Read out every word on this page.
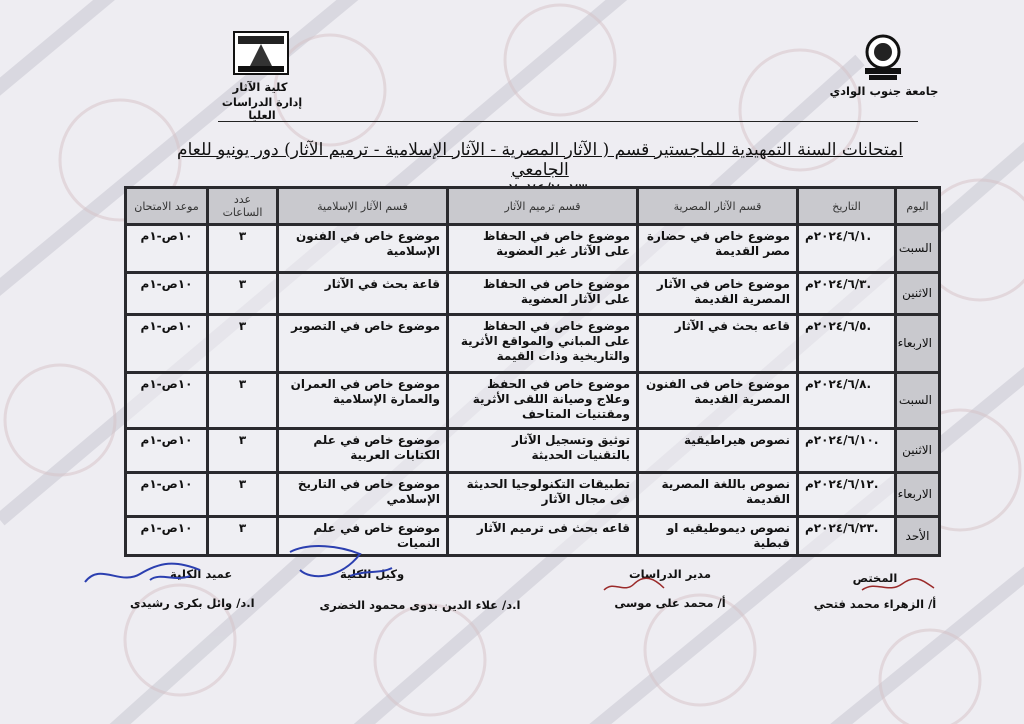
جامعة جنوب الوادي
كلية الآثار
إدارة الدراسات العليا
امتحانات السنة التمهيدية للماجستير قسم ( الآثار المصرية - الآثار الإسلامية - ترميم الآثار) دور يونيو للعام الجامعي
اليوم	التاريخ	قسم الآثار المصرية	قسم ترميم الآثار	قسم الآثار الإسلامية	عدد الساعات	موعد الامتحان
السبت	٢٠٢٤/٦/١م.	موضوع خاص في حضارة مصر القديمة	موضوع خاص في الحفاظ على الآثار غير العضوية	موضوع خاص في الفنون الإسلامية	٣	١٠ص-١م
الاثنين	٢٠٢٤/٦/٣م.	موضوع خاص في الآثار المصرية القديمة	موضوع خاص في الحفاظ على الآثار العضوية	قاعة بحث في الآثار	٣	١٠ص-١م
الاربعاء	٢٠٢٤/٦/٥م.	قاعه بحث في الآثار	موضوع خاص في الحفاظ على المباني والمواقع الأثرية والتاريخية وذات القيمة	موضوع خاص في التصوير	٣	١٠ص-١م
السبت	٢٠٢٤/٦/٨م.	موضوع خاص فى الفنون المصرية القديمة	موضوع خاص في الحفظ وعلاج وصيانة اللقى الأثرية ومقتنيات المتاحف	موضوع خاص في العمران والعمارة الإسلامية	٣	١٠ص-١م
الاثنين	٢٠٢٤/٦/١٠م.	نصوص هيراطيقية	توثيق وتسجيل الآثار بالتقنيات الحديثة	موضوع خاص في علم الكتابات العربية	٣	١٠ص-١م
الاربعاء	٢٠٢٤/٦/١٢م.	نصوص باللغة المصرية القديمة	تطبيقات التكنولوجيا الحديثة فى مجال الآثار	موضوع خاص في التاريخ الإسلامي	٣	١٠ص-١م
الأحد	٢٠٢٤/٦/٢٣م.	نصوص ديموطيقيه او قبطية	قاعه بحث فى ترميم الآثار	موضوع خاص في علم النميات	٣	١٠ص-١م
المختص
أ/ الزهراء محمد فتحي
مدير الدراسات
أ/ محمد على موسى
وكيل الكلية
ا.د/ علاء الدين بدوى محمود الخضرى
عميد الكلية
ا.د/ وائل بكرى رشيدى
